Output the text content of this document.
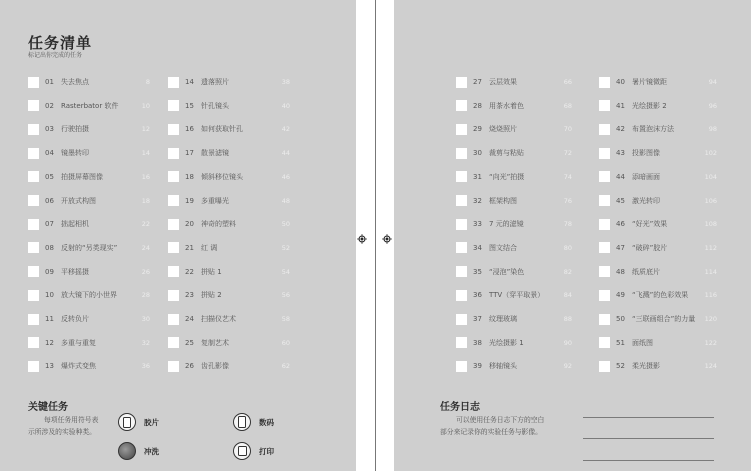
任务清单
标记出你完成的任务
01	失去焦点	8
02	Rasterbator 软件	10
03	行驶拍摄	12
04	镜墨转印	14
05	拍摄屏幕图像	16
06	开放式构图	18
07	拙起相机	22
08	反射的“另类现实”	24
09	平移摇摄	26
10	放大镜下的小世界	28
11	反转负片	30
12	多重与重复	32
13	爆炸式变焦	36
14	遗落照片	38
15	针孔镜头	40
16	如何获取针孔	42
17	散景滤镜	44
18	倾斜移位镜头	46
19	多重曝光	48
20	神奇的塑料	50
21	红 调	52
22	拼贴 1	54
23	拼贴 2	56
24	扫描仪艺术	58
25	复制艺术	60
26	齿孔影像	62
关键任务
每项任务用符号表
示所涉及的实验种类。
胶片	数码
冲洗	打印
27	云层效果	66
28	用茶水着色	68
29	烧烧照片	70
30	裁剪与粘贴	72
31	“向光”拍摄	74
32	框架构图	76
33	7 元的滤镜	78
34	图文结合	80
35	“浸泡”染色	82
36	TTV（穿平取景）	84
37	纹理玻璃	88
38	光绘摄影 1	90
39	移轴镜头	92
40	暑片镜微距	94
41	光绘摄影 2	96
42	布置泡沫方法	98
43	投影图像	102
44	添暗画面	104
45	激光转印	106
46	“好光”效果	108
47	“破碎”胶片	112
48	纸质底片	114
49	“飞溅”的色彩效果	116
50	“三联画组合”的力量 120
51	面纸图	122
52	柔光摄影	124
任务日志
可以使用任务日志下方的空白
部分来记录你的实验任务与影像。
